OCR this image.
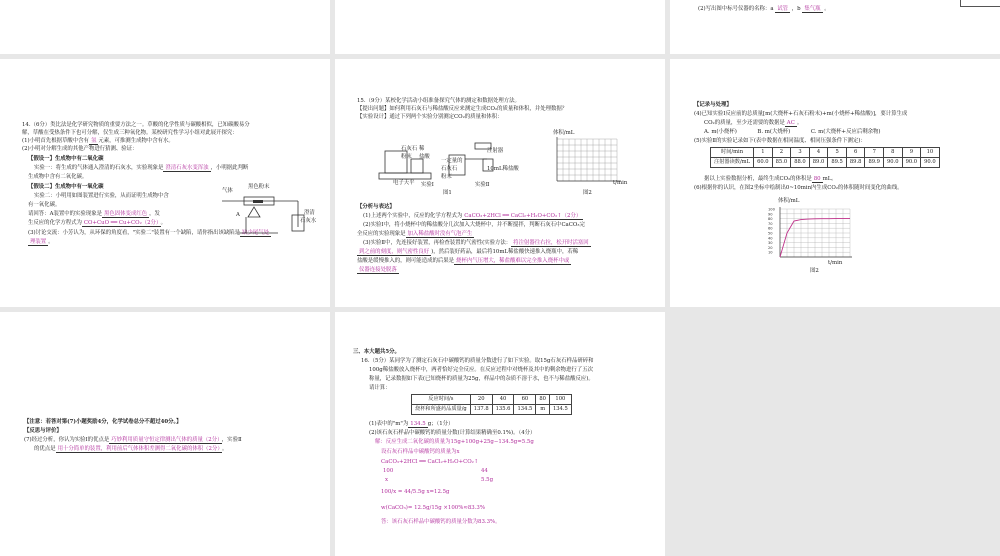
(2)写出图中标号仪器的名称：a 试管 ，b 集气瓶 。
14.（6分）类比法是化学研究物质的重要方法之一。草酸的化学性质与碳酸相似，已知碳酸易分
解，草酸在受热条件下也可分解，仅生成三种氧化物。某校研究性学习小组对此展开探究：
(1)小明首先根据草酸中含有 氢 元素，可推测生成物中含有水。
(2)小明对分解生成的其他产物进行猜测、验证：
【假设一】生成物中有二氧化碳
实验一：将生成的气体通入澄清的石灰水，实验现象是 澄清石灰水变浑浊 ，小明据此判断
生成物中含有二氧化碳。
【假设二】生成物中有一氧化碳
实验二：小明用如图装置进行实验，从而证明生成物中含
有一氧化碳。
请回答：A装置中的实验现象是 黑色固体变成红色 ，发
生反应的化学方程式为 CO+CuO ══ Cu+CO₂（2分） 。
(3)讨论交流：小芳认为，从环保的角度看，"实验二"装置有一个缺陷，请你指出该缺陷是 缺少尾气处
理装置 。
气体
黑色粉末
A	澄清
石灰水
15.（9分）某校化学活动小组准备探究气体的测定和数据处理方法。
【提出问题】如何利用石灰石与稀盐酸反应来测定生成CO₂的质量和体积，并处理数据？
【实验设计】通过下列两个实验分别测定CO₂的质量和体积：
石灰石 稀
盐酸
粉末
电子天平 实验Ⅰ
一定量的
石灰石
粉末
注射器
10mL稀盐酸
实验Ⅱ
图1
体积/mL
t/min
图2
【分析与表达】
(1)上述两个实验中，反应的化学方程式为 CaCO₃+2HCl ══ CaCl₂+H₂O+CO₂↑（2分）
(2)实验Ⅰ中，将小烧杯中的稀盐酸分几次加入大烧杯中，并不断搅拌，判断石灰石中CaCO₃完
全反应的实验现象是 加入稀盐酸时没有气泡产生
(3)实验Ⅱ中，先连接好装置，再检查装置的气密性(实验方法： 将注射器往右拉，松开时活塞回
到之前的刻度，则气密性良好 )，然后装好药品，最后将10mL稀盐酸快速推入烧瓶中，若稀
盐酸是缓慢推入的，则可能造成的后果是 烧杯内气压增大，稀盐酸难以完全推入烧杯中或
仪器连接处脱落
【记录与处理】
(4)已知实验Ⅰ反应前的总质量[m(大烧杯+石灰石粉末)+m(小烧杯+稀盐酸)]，要计算生成
CO₂的质量，至少还需要的数据是 AC 。
A. m(小烧杯)            B. m(大烧杯)            C. m(大烧杯+反应后剩余物)
(5)实验Ⅱ的实验记录如下(表中数据在相同温度、相同压强条件下测定)：
时间/min	1	2	3	4	5	6	7	8	9	10
注射器读数/mL	60.0	85.0	88.0	89.0	89.5	89.8	89.9	90.0	90.0	90.0
据以上实验数据分析，最终生成CO₂的体积是 80 mL。
(6)根据你的认识，在图2坐标中绘制出0~10min内生成CO₂的体积随时间变化的曲线。
体积/mL
100
90
80
70
60
50
40
30
20
10
t/min
图2
【注意：若答对第(7)小题奖励4分，化学试卷总分不超过40分。】
【反思与评价】
(7)经过分析，你认为实验Ⅰ的优点是 巧妙利用质量守恒定律测出气体的质量（2分） ，实验Ⅱ
的优点是 用十分简单的装置，利用前后气体体积差测得二氧化碳的体积（2分） 。
三、本大题共5分。
16.（5分）某同学为了测定石灰石中碳酸钙的质量分数进行了如下实验。取15g石灰石样品研碎和
100g稀盐酸放入烧杯中，两者恰好完全反应。在反应过程中对烧杯及其中的剩余物进行了五次
称量，记录数据如下表(已知烧杯的质量为25g，样品中的杂质不溶于水，也不与稀盐酸反应)。
请计算：
反应时间/s	20	40	60	80	100
烧杯和所盛药品质量/g	137.8	135.6	134.5	m	134.5
(1)表中的"m"为 134.5 g；（1分）
(2)该石灰石样品中碳酸钙的质量分数(计算结果精确至0.1%)。（4分）
解：反应生成二氧化碳的质量为15g+100g+25g−134.5g=5.5g
设石灰石样品中碳酸钙的质量为x
CaCO₃+2HCl ══ CaCl₂+H₂O+CO₂↑
100	44
x	5.5g
100/x = 44/5.5g x=12.5g
w(CaCO₃)= 12.5g/15g ×100%≈83.3%
答：该石灰石样品中碳酸钙的质量分数为83.3%。
